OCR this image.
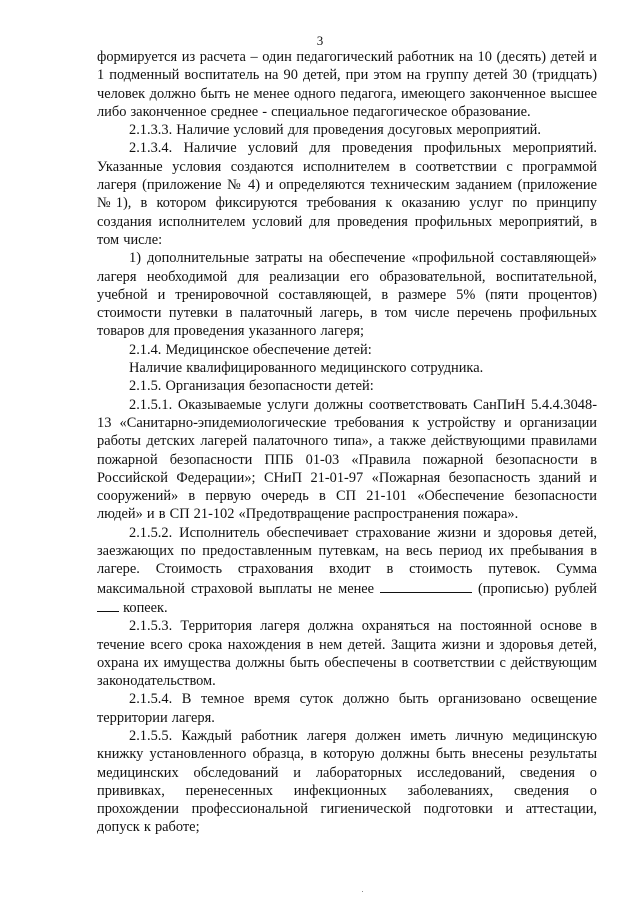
3

формируется из расчета – один педагогический работник на 10 (десять) детей и 1 подменный воспитатель на 90 детей, при этом на группу детей 30 (тридцать) человек должно быть не менее одного педагога, имеющего законченное высшее либо законченное среднее - специальное педагогическое образование.

2.1.3.3. Наличие условий для проведения досуговых мероприятий.

2.1.3.4. Наличие условий для проведения профильных мероприятий. Указанные условия создаются исполнителем в соответствии с программой лагеря (приложение № 4) и определяются техническим заданием (приложение №1), в котором фиксируются требования к оказанию услуг по принципу создания исполнителем условий для проведения профильных мероприятий, в том числе:

1) дополнительные затраты на обеспечение «профильной составляющей» лагеря необходимой для реализации его образовательной, воспитательной, учебной и тренировочной составляющей, в размере 5% (пяти процентов) стоимости путевки в палаточный лагерь, в том числе перечень профильных товаров для проведения указанного лагеря;

2.1.4. Медицинское обеспечение детей:

Наличие квалифицированного медицинского сотрудника.

2.1.5. Организация безопасности детей:

2.1.5.1. Оказываемые услуги должны соответствовать СанПиН 5.4.4.3048-13 «Санитарно-эпидемиологические требования к устройству и организации работы детских лагерей палаточного типа», а также действующими правилами пожарной безопасности ППБ 01-03 «Правила пожарной безопасности в Российской Федерации»; СНиП 21-01-97 «Пожарная безопасность зданий и сооружений» в первую очередь в СП 21-101 «Обеспечение безопасности людей» и в СП 21-102 «Предотвращение распространения пожара».

2.1.5.2. Исполнитель обеспечивает страхование жизни и здоровья детей, заезжающих по предоставленным путевкам, на весь период их пребывания в лагере. Стоимость страхования входит в стоимость путевок. Сумма максимальной страховой выплаты не менее	(прописью) рублей  копеек.

2.1.5.3. Территория лагеря должна охраняться на постоянной основе в течение всего срока нахождения в нем детей. Защита жизни и здоровья детей, охрана их имущества должны быть обеспечены в соответствии с действующим законодательством.

2.1.5.4. В темное время суток должно быть организовано освещение территории лагеря.

2.1.5.5. Каждый работник лагеря должен иметь личную медицинскую книжку установленного образца, в которую должны быть внесены результаты медицинских обследований и лабораторных исследований, сведения о прививках, перенесенных инфекционных заболеваниях, сведения о прохождении профессиональной гигиенической подготовки и аттестации, допуск к работе;
